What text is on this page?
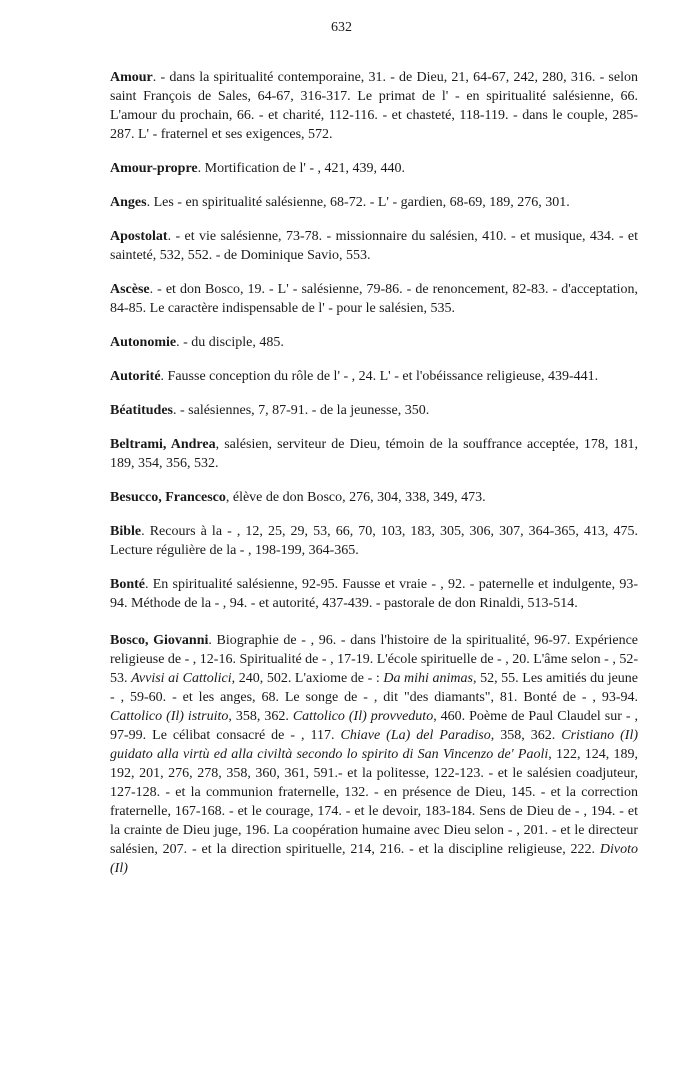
632

Amour. - dans la spiritualité contemporaine, 31. - de Dieu, 21, 64-67, 242, 280, 316. - selon saint François de Sales, 64-67, 316-317. Le primat de l' - en spiritualité salésienne, 66. L'amour du prochain, 66. - et charité, 112-116. - et chasteté, 118-119. - dans le couple, 285-287. L' - fraternel et ses exigences, 572.

Amour-propre. Mortification de l' - , 421, 439, 440.

Anges. Les - en spiritualité salésienne, 68-72. - L' - gardien, 68-69, 189, 276, 301.

Apostolat. - et vie salésienne, 73-78. - missionnaire du salésien, 410. - et musique, 434. - et sainteté, 532, 552. - de Dominique Savio, 553.

Ascèse. - et don Bosco, 19. - L' - salésienne, 79-86. - de renoncement, 82-83. - d'acceptation, 84-85. Le caractère indispensable de l' - pour le salésien, 535.

Autonomie. - du disciple, 485.

Autorité. Fausse conception du rôle de l' - , 24. L' - et l'obéissance religieuse, 439-441.

Béatitudes. - salésiennes, 7, 87-91. - de la jeunesse, 350.

Beltrami, Andrea, salésien, serviteur de Dieu, témoin de la souffrance acceptée, 178, 181, 189, 354, 356, 532.

Besucco, Francesco, élève de don Bosco, 276, 304, 338, 349, 473.

Bible. Recours à la - , 12, 25, 29, 53, 66, 70, 103, 183, 305, 306, 307, 364-365, 413, 475. Lecture régulière de la - , 198-199, 364-365.

Bonté. En spiritualité salésienne, 92-95. Fausse et vraie - , 92. - paternelle et indulgente, 93-94. Méthode de la - , 94. - et autorité, 437-439. - pastorale de don Rinaldi, 513-514.

Bosco, Giovanni. Biographie de - , 96. - dans l'histoire de la spiritualité, 96-97. Expérience religieuse de - , 12-16. Spiritualité de - , 17-19. L'école spirituelle de - , 20. L'âme selon - , 52-53. Avvisi ai Cattolici, 240, 502. L'axiome de - : Da mihi animas, 52, 55. Les amitiés du jeune - , 59-60. - et les anges, 68. Le songe de - , dit "des diamants", 81. Bonté de - , 93-94. Cattolico (Il) istruito, 358, 362. Cattolico (Il) provveduto, 460. Poème de Paul Claudel sur - , 97-99. Le célibat consacré de - , 117. Chiave (La) del Paradiso, 358, 362. Cristiano (Il) guidato alla virtù ed alla civiltà secondo lo spirito di San Vincenzo de' Paoli, 122, 124, 189, 192, 201, 276, 278, 358, 360, 361, 591.- et la politesse, 122-123. - et le salésien coadjuteur, 127-128. - et la communion fraternelle, 132. - en présence de Dieu, 145. - et la correction fraternelle, 167-168. - et le courage, 174. - et le devoir, 183-184. Sens de Dieu de - , 194. - et la crainte de Dieu juge, 196. La coopération humaine avec Dieu selon - , 201. - et le directeur salésien, 207. - et la direction spirituelle, 214, 216. - et la discipline religieuse, 222. Divoto (Il)
